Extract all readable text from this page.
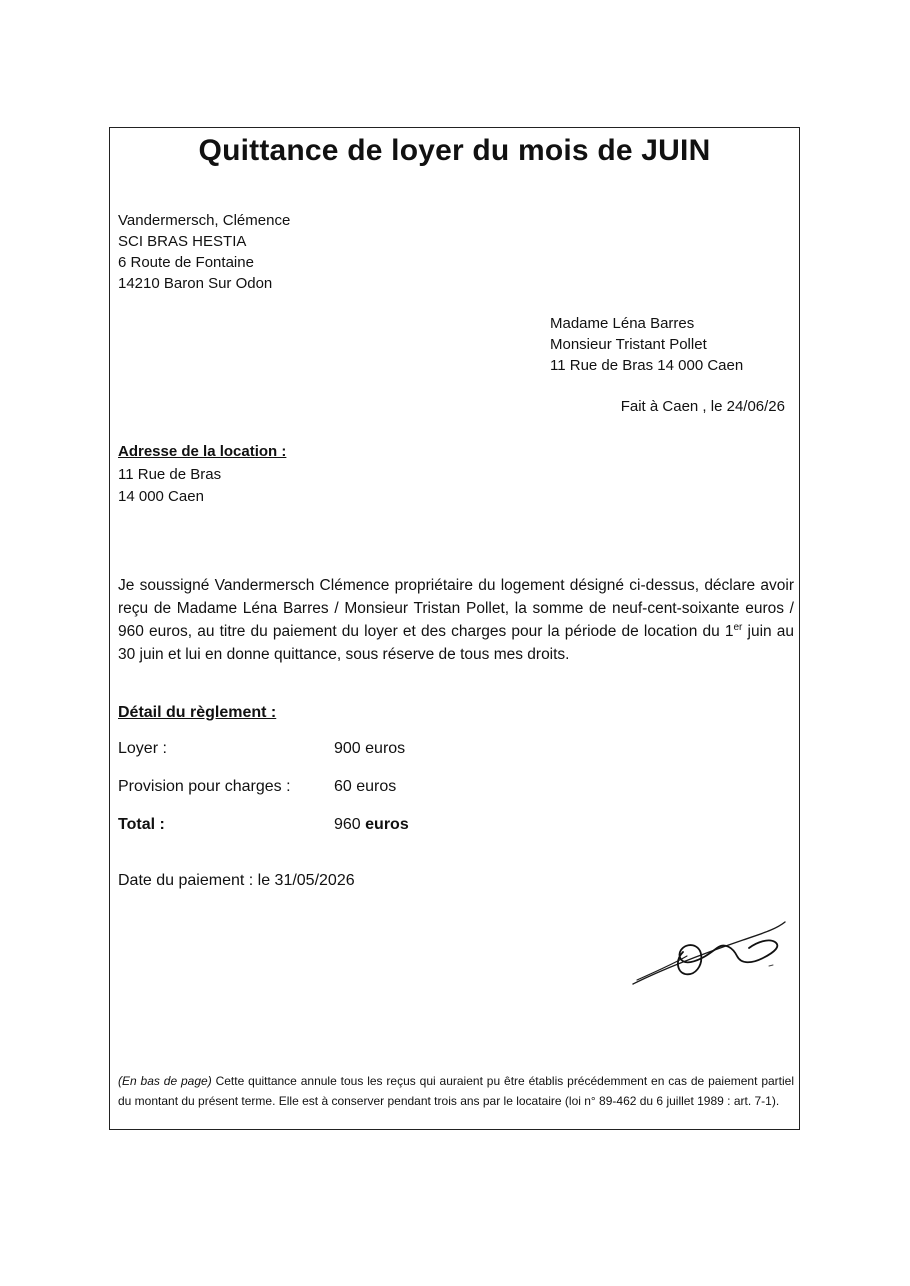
Quittance de loyer du mois de JUIN
Vandermersch, Clémence
SCI BRAS HESTIA
6 Route de Fontaine
14210 Baron Sur Odon
Madame Léna Barres
Monsieur Tristant Pollet
11 Rue de Bras 14 000 Caen
Fait à Caen , le 24/06/26
Adresse de la location :
11 Rue de Bras
14 000 Caen
Je soussigné Vandermersch Clémence propriétaire du logement désigné ci-dessus, déclare avoir reçu de Madame Léna Barres / Monsieur Tristan Pollet, la somme de neuf-cent-soixante euros / 960 euros, au titre du paiement du loyer et des charges pour la période de location du 1er juin au 30 juin et lui en donne quittance, sous réserve de tous mes droits.
Détail du règlement :
Loyer :	900 euros
Provision pour charges :	60 euros
Total :	960 euros
Date du paiement : le 31/05/2026
(En bas de page) Cette quittance annule tous les reçus qui auraient pu être établis précédemment en cas de paiement partiel du montant du présent terme. Elle est à conserver pendant trois ans par le locataire (loi n° 89-462 du 6 juillet 1989 : art. 7-1).
